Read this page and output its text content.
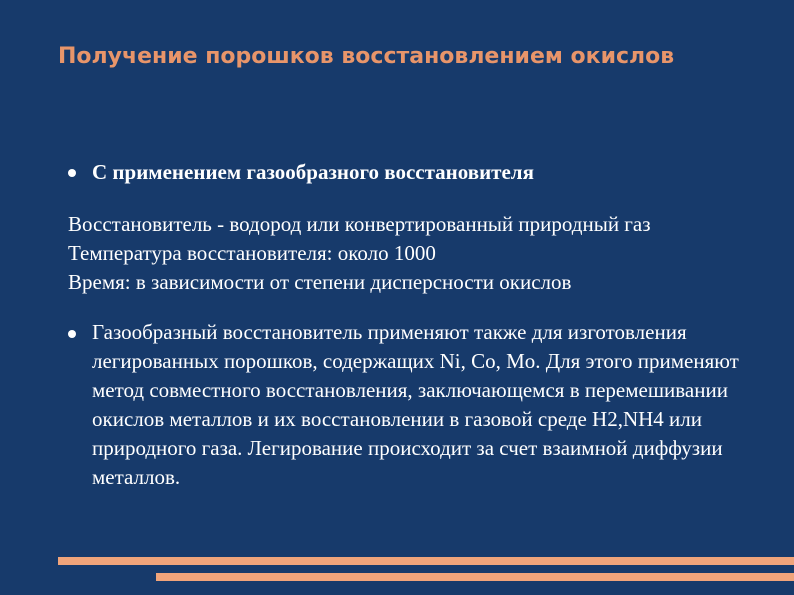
Получение порошков восстановлением окислов
С применением газообразного восстановителя
Восстановитель - водород или конвертированный природный газ
Температура восстановителя: около 1000
Время: в зависимости от степени дисперсности окислов
Газообразный восстановитель применяют также для изготовления легированных порошков, содержащих Ni, Co, Mo. Для этого применяют метод совместного восстановления, заключающемся в перемешивании окислов металлов и их восстановлении в газовой среде H2,NH4 или природного газа. Легирование происходит за счет взаимной диффузии металлов.
